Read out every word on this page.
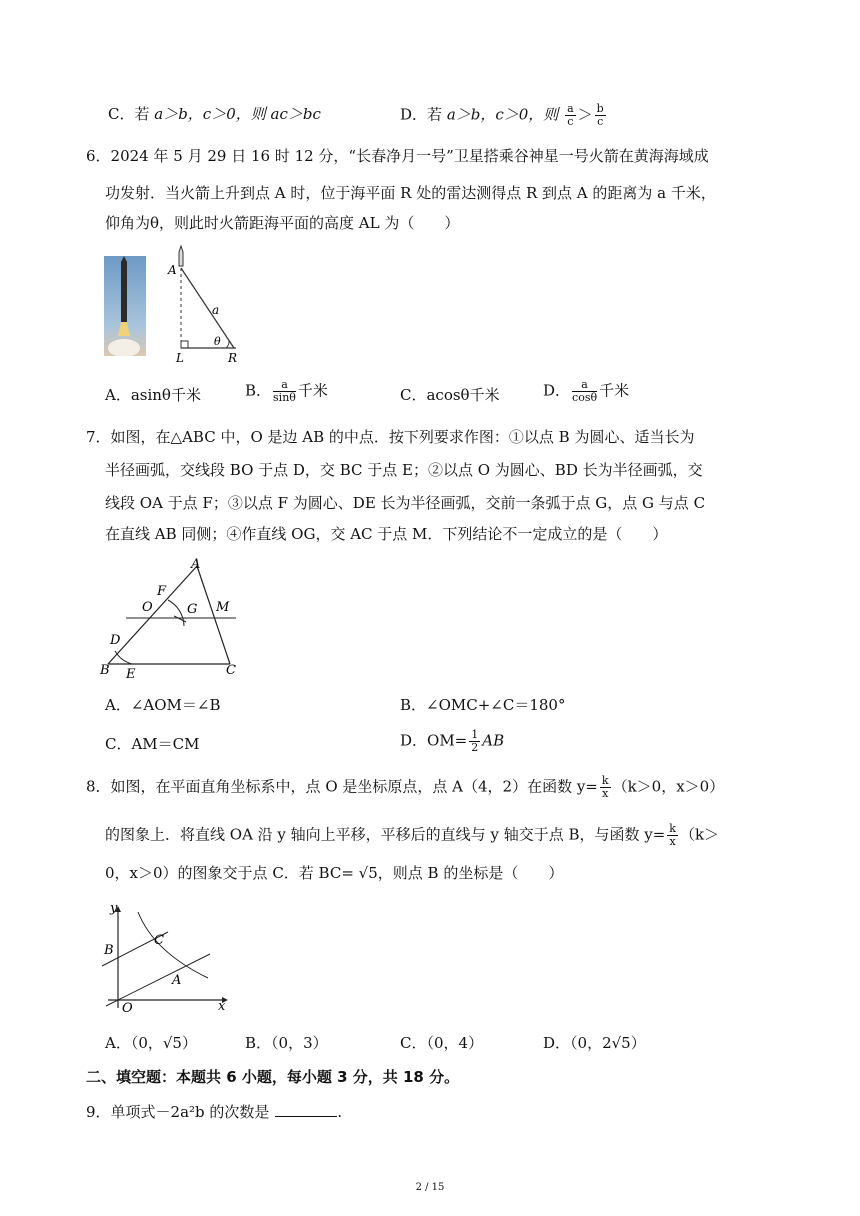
C．若 a＞b，c＞0，则 ac＞bc	D．若 a＞b，c＞0，则 $\frac{a}{c} > \frac{b}{c}$
6．2024 年 5 月 29 日 16 时 12 分，“长春净月一号”卫星搭乘谷神星一号火箭在黄海海域成
功发射．当火箭上升到点 A 时，位于海平面 R 处的雷达测得点 R 到点 A 的距离为 a 千米，
仰角为θ，则此时火箭距海平面的高度 AL 为（　　）
A
a
θ
L	R
A．asinθ千米	B． $\frac{a}{\sin\theta}$ 千米	C．acosθ千米	D． $\frac{a}{\cos\theta}$ 千米
7．如图，在△ABC 中，O 是边 AB 的中点．按下列要求作图：①以点 B 为圆心、适当长为
半径画弧，交线段 BO 于点 D，交 BC 于点 E；②以点 O 为圆心、BD 长为半径画弧，交
线段 OA 于点 F；③以点 F 为圆心、DE 长为半径画弧，交前一条弧于点 G，点 G 与点 C
在直线 AB 同侧；④作直线 OG，交 AC 于点 M．下列结论不一定成立的是（　　）
A
F
O	G M
D
B E	C
A．∠AOM＝∠B	B．∠OMC+∠C＝180°
C．AM＝CM	D．$OM= \frac{1}{2}$ AB
8．如图，在平面直角坐标系中，点 O 是坐标原点，点 A（4，2）在函数 $y= \frac{k}{x} (k>0$，x＞0）
的图象上．将直线 OA 沿 y 轴向上平移，平移后的直线与 y 轴交于点 B，与函数 $y= \frac{k}{x} (k>$
0，x＞0）的图象交于点 C．若 BC= √5，则点 B 的坐标是（　　）
y
B
C
A
O	x
A．（0，√5）	B．（0，3）	C．（0，4）	D．（0，2√5）
二、填空题：本题共 6 小题，每小题 3 分，共 18 分。
9．单项式－2a²b 的次数是	.
2 / 15
